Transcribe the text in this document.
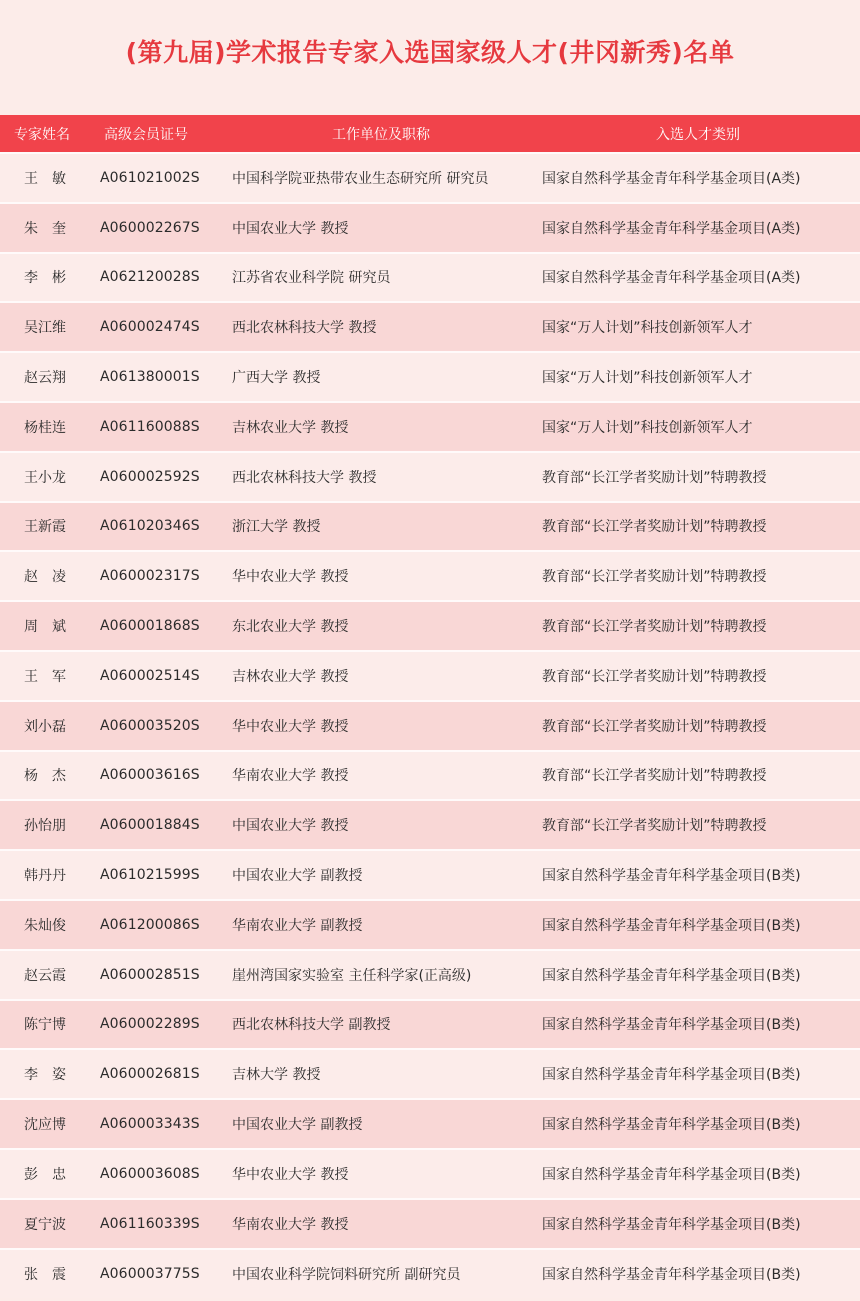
(第九届)学术报告专家入选国家级人才(井冈新秀)名单
专家姓名	高级会员证号	工作单位及职称	入选人才类别
王　敏	A061021002S	中国科学院亚热带农业生态研究所 研究员	国家自然科学基金青年科学基金项目(A类)
朱　奎	A060002267S	中国农业大学 教授	国家自然科学基金青年科学基金项目(A类)
李　彬	A062120028S	江苏省农业科学院 研究员	国家自然科学基金青年科学基金项目(A类)
吴江维	A060002474S	西北农林科技大学 教授	国家“万人计划”科技创新领军人才
赵云翔	A061380001S	广西大学 教授	国家“万人计划”科技创新领军人才
杨桂连	A061160088S	吉林农业大学 教授	国家“万人计划”科技创新领军人才
王小龙	A060002592S	西北农林科技大学 教授	教育部“长江学者奖励计划”特聘教授
王新霞	A061020346S	浙江大学 教授	教育部“长江学者奖励计划”特聘教授
赵　凌	A060002317S	华中农业大学 教授	教育部“长江学者奖励计划”特聘教授
周　斌	A060001868S	东北农业大学 教授	教育部“长江学者奖励计划”特聘教授
王　军	A060002514S	吉林农业大学 教授	教育部“长江学者奖励计划”特聘教授
刘小磊	A060003520S	华中农业大学 教授	教育部“长江学者奖励计划”特聘教授
杨　杰	A060003616S	华南农业大学 教授	教育部“长江学者奖励计划”特聘教授
孙怡朋	A060001884S	中国农业大学 教授	教育部“长江学者奖励计划”特聘教授
韩丹丹	A061021599S	中国农业大学 副教授	国家自然科学基金青年科学基金项目(B类)
朱灿俊	A061200086S	华南农业大学 副教授	国家自然科学基金青年科学基金项目(B类)
赵云霞	A060002851S	崖州湾国家实验室 主任科学家(正高级)	国家自然科学基金青年科学基金项目(B类)
陈宁博	A060002289S	西北农林科技大学 副教授	国家自然科学基金青年科学基金项目(B类)
李　姿	A060002681S	吉林大学 教授	国家自然科学基金青年科学基金项目(B类)
沈应博	A060003343S	中国农业大学 副教授	国家自然科学基金青年科学基金项目(B类)
彭　忠	A060003608S	华中农业大学 教授	国家自然科学基金青年科学基金项目(B类)
夏宁波	A061160339S	华南农业大学 教授	国家自然科学基金青年科学基金项目(B类)
张　震	A060003775S	中国农业科学院饲料研究所 副研究员	国家自然科学基金青年科学基金项目(B类)
